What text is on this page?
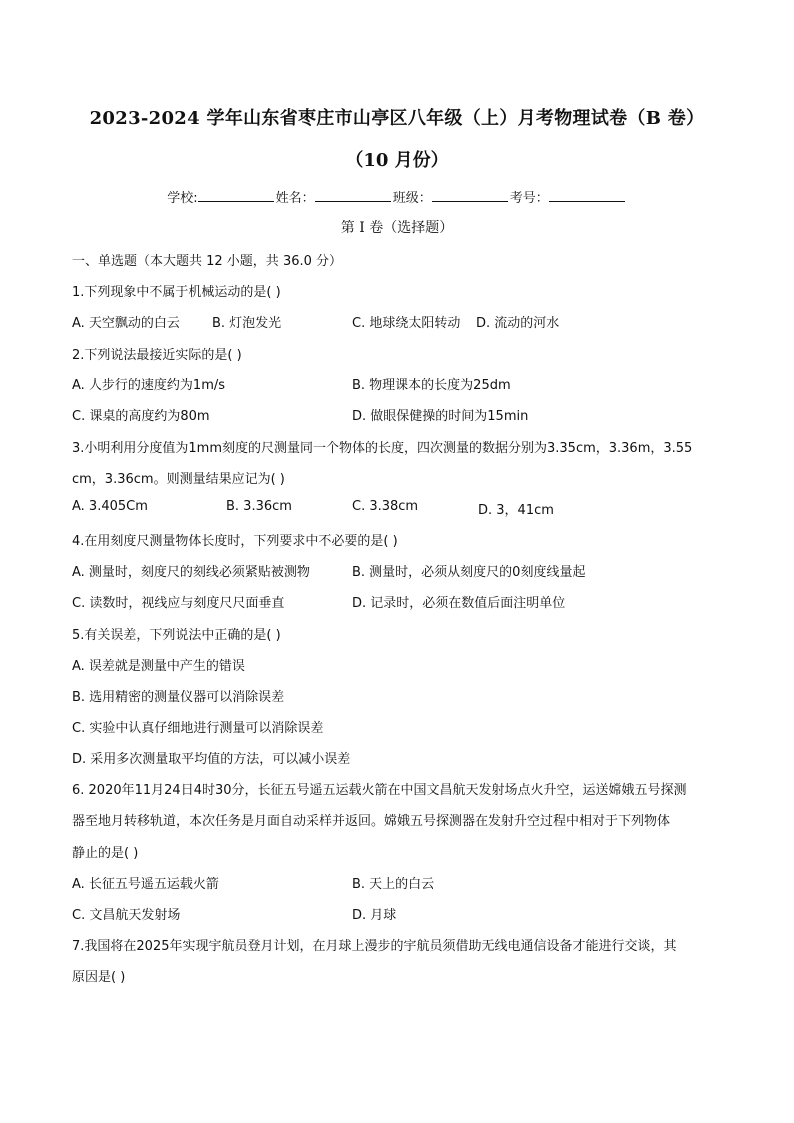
2023-2024 学年山东省枣庄市山亭区八年级（上）月考物理试卷（B 卷）
（10 月份）
学校:	姓名：	班级：	考号：
第 I 卷（选择题）
一、单选题（本大题共 12 小题，共 36.0 分）
1.下列现象中不属于机械运动的是( )
A. 天空飘动的白云 B. 灯泡发光	C. 地球绕太阳转动 D. 流动的河水
2.下列说法最接近实际的是( )
A. 人步行的速度约为1m/s	B. 物理课本的长度为25dm
C. 课桌的高度约为80m	D. 做眼保健操的时间为15min
3.小明利用分度值为1mm刻度的尺测量同一个物体的长度，四次测量的数据分别为3.35cm，3.36m，3.55
cm，3.36cm。则测量结果应记为( )
A. 3.405Cm	B. 3.36cm	C. 3.38cm	D. 3，41cm
4.在用刻度尺测量物体长度时，下列要求中不必要的是( )
A. 测量时，刻度尺的刻线必须紧贴被测物	B. 测量时，必须从刻度尺的0刻度线量起
C. 读数时，视线应与刻度尺尺面垂直	D. 记录时，必须在数值后面注明单位
5.有关误差，下列说法中正确的是( )
A. 误差就是测量中产生的错误
B. 选用精密的测量仪器可以消除误差
C. 实验中认真仔细地进行测量可以消除误差
D. 采用多次测量取平均值的方法，可以减小误差
6. 2020年11月24日4时30分，长征五号遥五运载火箭在中国文昌航天发射场点火升空，运送嫦娥五号探测
器至地月转移轨道，本次任务是月面自动采样并返回。嫦娥五号探测器在发射升空过程中相对于下列物体
静止的是( )
A. 长征五号遥五运载火箭	B. 天上的白云
C. 文昌航天发射场	D. 月球
7.我国将在2025年实现宇航员登月计划，在月球上漫步的宇航员须借助无线电通信设备才能进行交谈，其
原因是( )
